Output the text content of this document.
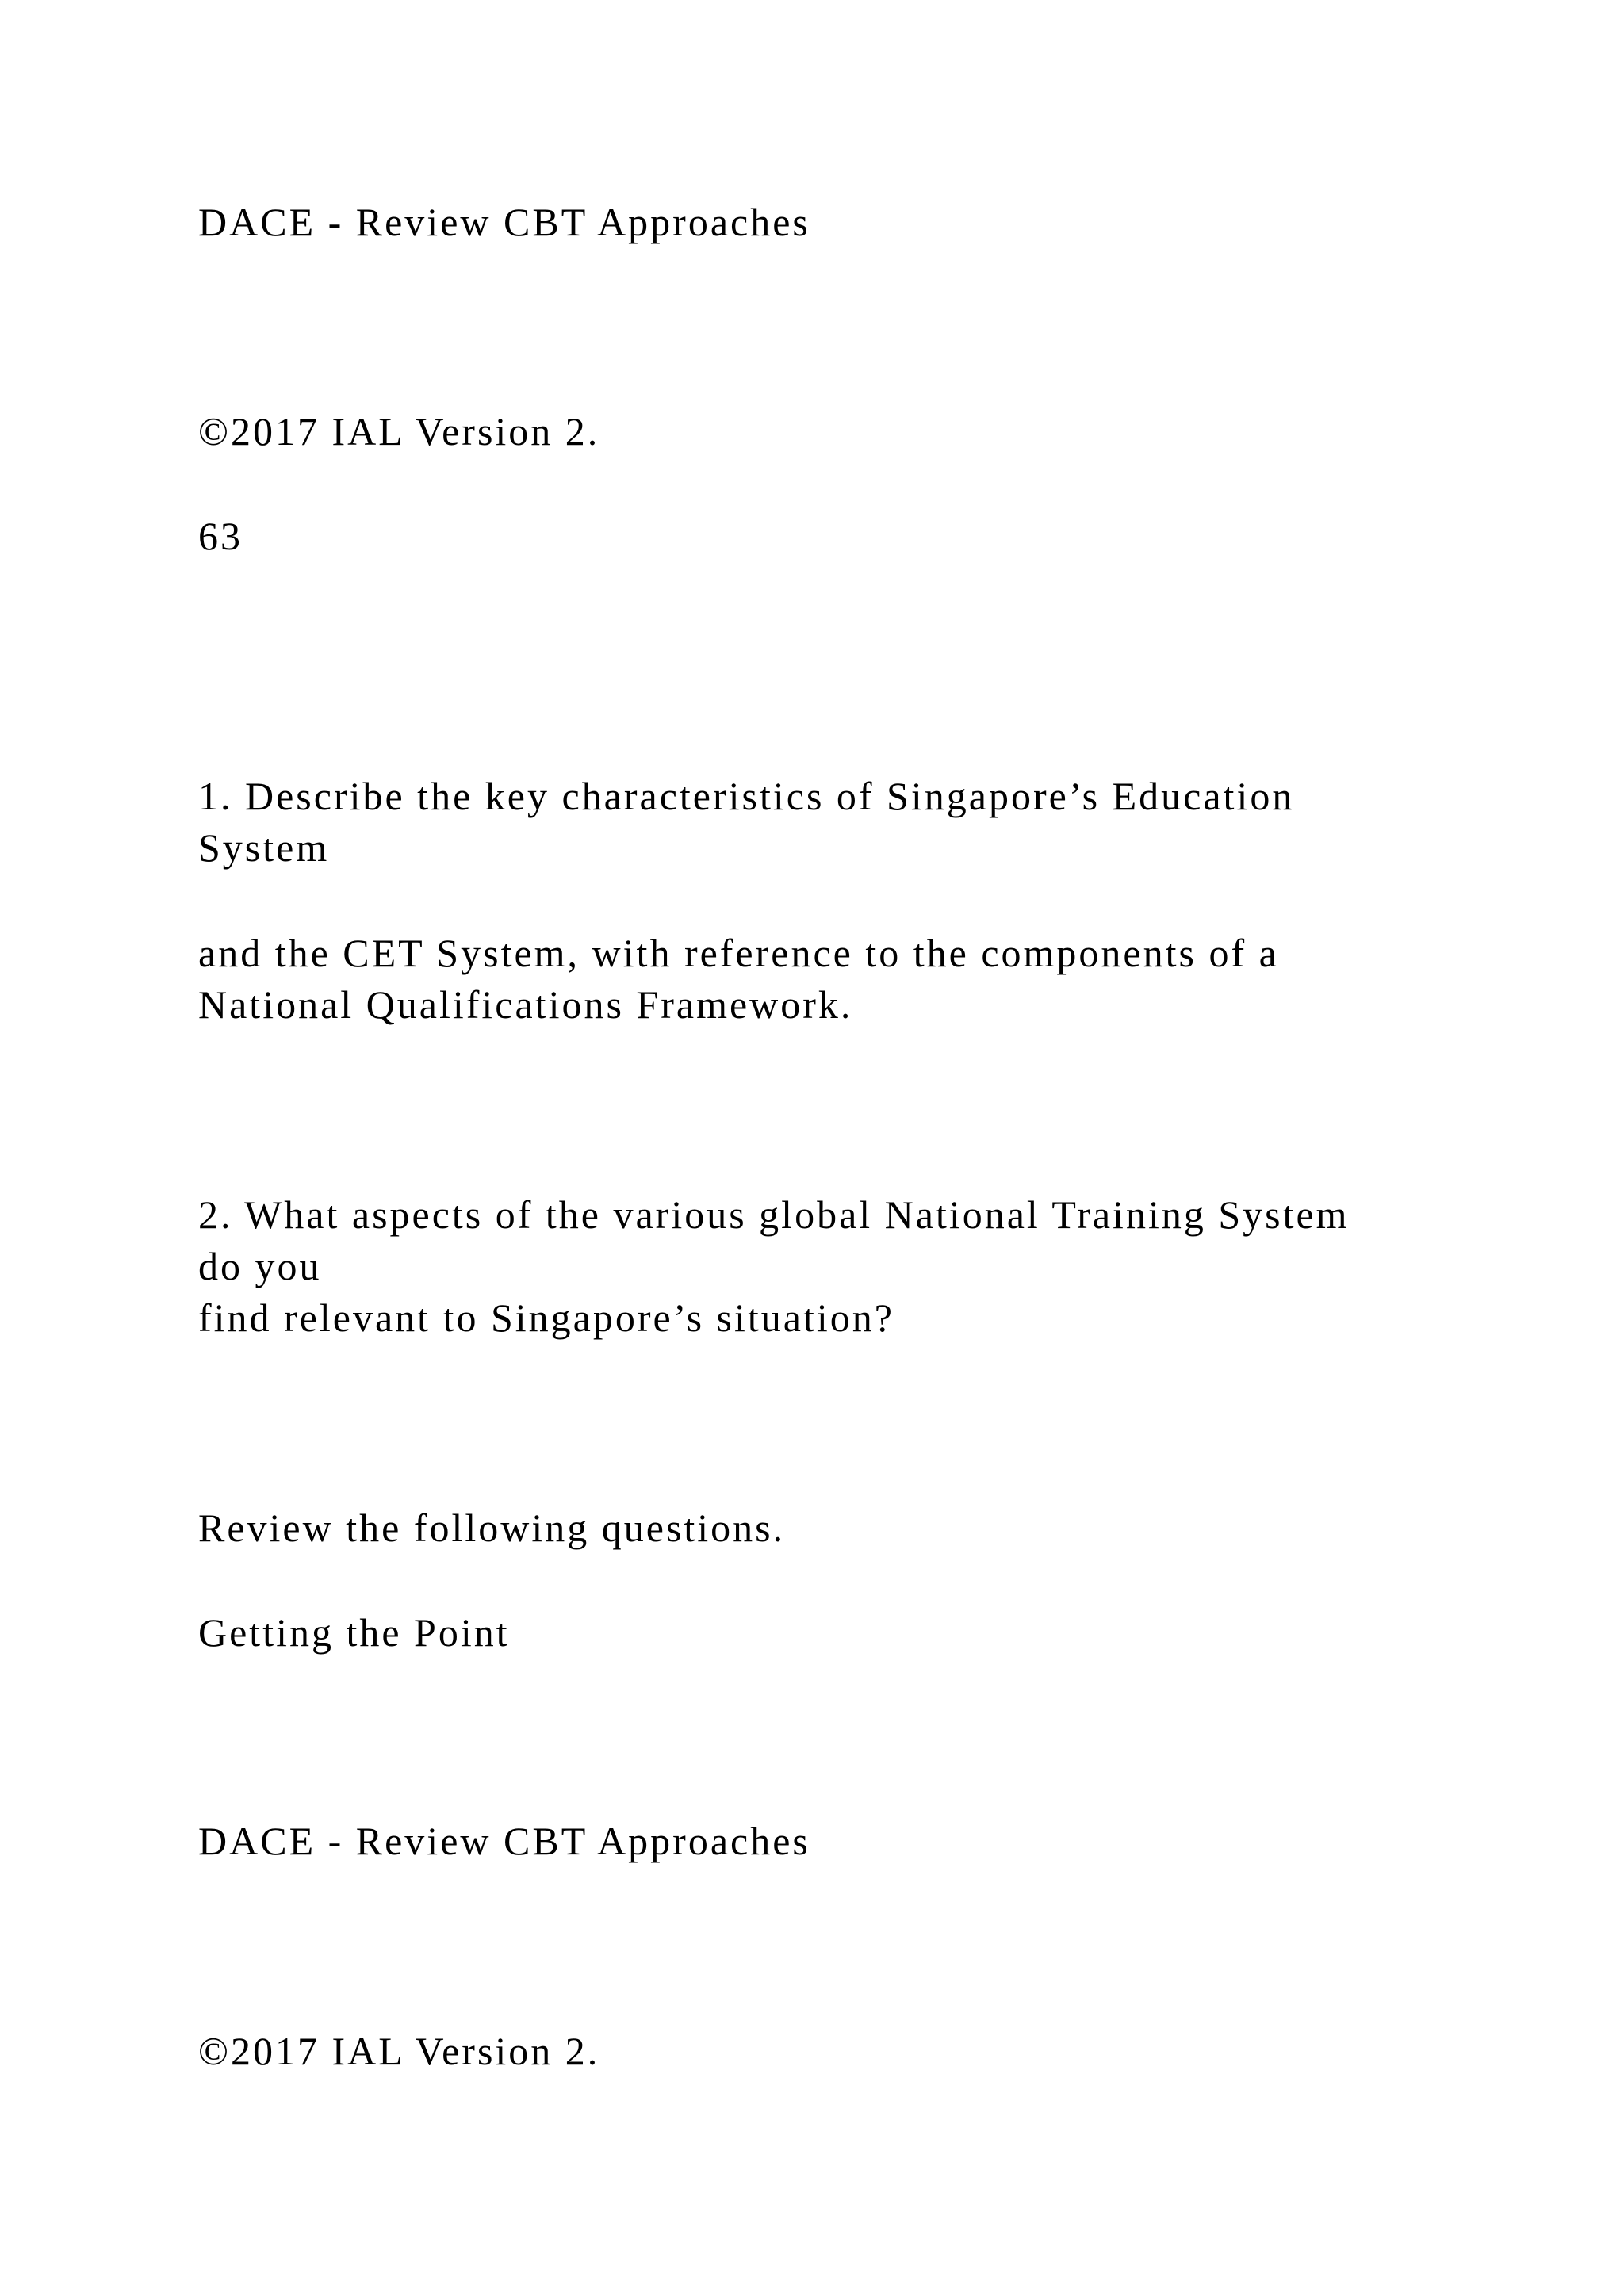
DACE - Review CBT Approaches

©2017 IAL Version 2.

63

1. Describe the key characteristics of Singapore’s Education

System

and the CET System, with reference to the components of a

National Qualifications Framework.

2. What aspects of the various global National Training System

do you

find relevant to Singapore’s situation?

Review the following questions.

Getting the Point

DACE - Review CBT Approaches

©2017 IAL Version 2.
